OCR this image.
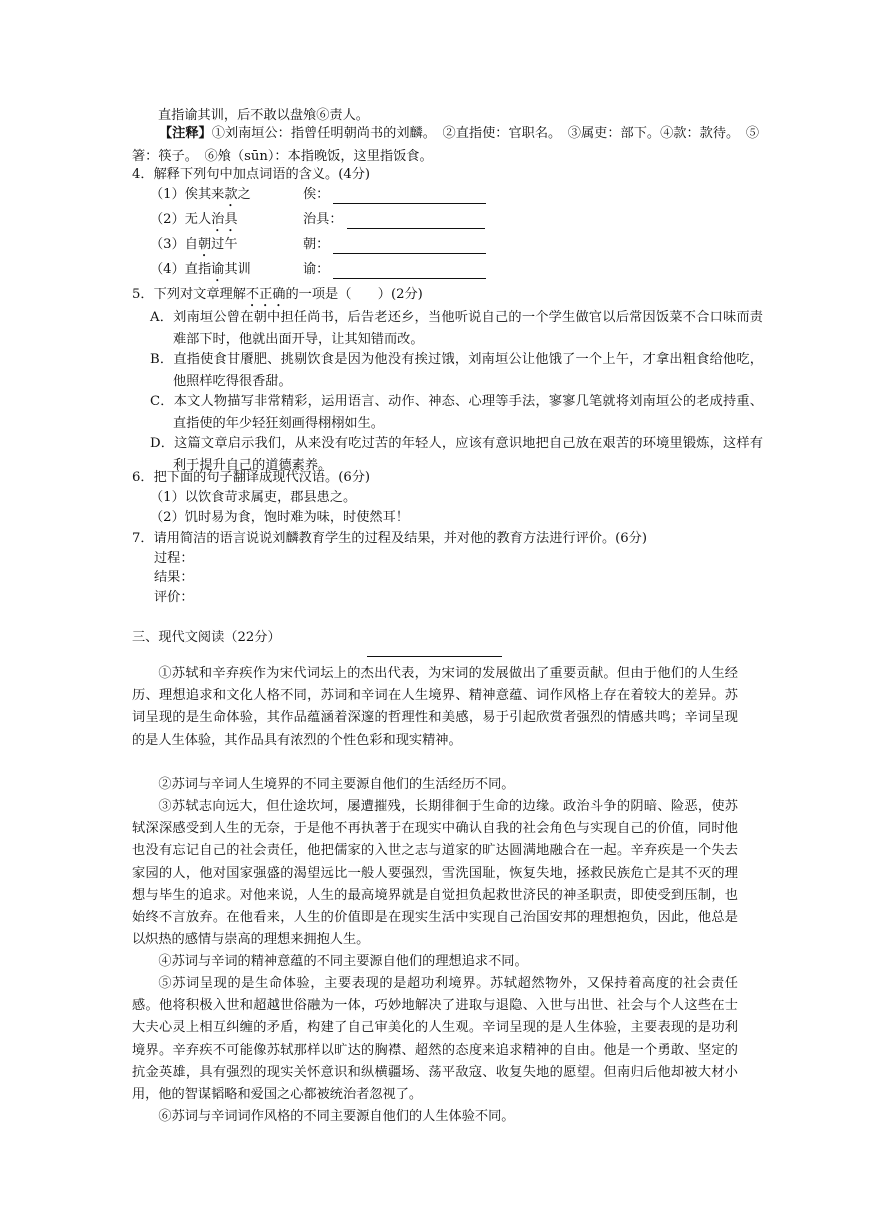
直指谕其训，后不敢以盘飧⑥责人。
【注释】①刘南垣公：指曾任明朝尚书的刘麟。　②直指使：官职名。　③属吏：部下。④款：款待。　⑤箸：筷子。　⑥飧（sūn）：本指晚饭，这里指饭食。
4．解释下列句中加点词语的含义。(4分)
（1）俟其来款之	俟：
（2）无人治具	治具：
（3）自朝过午	朝：
（4）直指谕其训	谕：
5．下列对文章理解不正确的一项是（　　）(2分)
A．刘南垣公曾在朝中担任尚书，后告老还乡，当他听说自己的一个学生做官以后常因饭菜不合口味而责难部下时，他就出面开导，让其知错而改。
B．直指使食甘餍肥、挑剔饮食是因为他没有挨过饿，刘南垣公让他饿了一个上午，才拿出粗食给他吃，他照样吃得很香甜。
C．本文人物描写非常精彩，运用语言、动作、神态、心理等手法，寥寥几笔就将刘南垣公的老成持重、直指使的年少轻狂刻画得栩栩如生。
D．这篇文章启示我们，从来没有吃过苦的年轻人，应该有意识地把自己放在艰苦的环境里锻炼，这样有利于提升自己的道德素养。
6．把下面的句子翻译成现代汉语。(6分)
（1）以饮食苛求属吏，郡县患之。
（2）饥时易为食，饱时难为味，时使然耳！
7．请用简洁的语言说说刘麟教育学生的过程及结果，并对他的教育方法进行评价。(6分)
过程：
结果：
评价：
三、现代文阅读（22分）
①苏轼和辛弃疾作为宋代词坛上的杰出代表，为宋词的发展做出了重要贡献。但由于他们的人生经历、理想追求和文化人格不同，苏词和辛词在人生境界、精神意蕴、词作风格上存在着较大的差异。苏词呈现的是生命体验，其作品蕴涵着深邃的哲理性和美感，易于引起欣赏者强烈的情感共鸣；辛词呈现的是人生体验，其作品具有浓烈的个性色彩和现实精神。
②苏词与辛词人生境界的不同主要源自他们的生活经历不同。
③苏轼志向远大，但仕途坎坷，屡遭摧残，长期徘徊于生命的边缘。政治斗争的阴暗、险恶，使苏轼深深感受到人生的无奈，于是他不再执著于在现实中确认自我的社会角色与实现自己的价值，同时他也没有忘记自己的社会责任，他把儒家的入世之志与道家的旷达圆满地融合在一起。辛弃疾是一个失去家园的人，他对国家强盛的渴望远比一般人要强烈，雪洗国耻，恢复失地，拯救民族危亡是其不灭的理想与毕生的追求。对他来说，人生的最高境界就是自觉担负起救世济民的神圣职责，即使受到压制，也始终不言放弃。在他看来，人生的价值即是在现实生活中实现自己治国安邦的理想抱负，因此，他总是以炽热的感情与崇高的理想来拥抱人生。
④苏词与辛词的精神意蕴的不同主要源自他们的理想追求不同。
⑤苏词呈现的是生命体验，主要表现的是超功利境界。苏轼超然物外，又保持着高度的社会责任感。他将积极入世和超越世俗融为一体，巧妙地解决了进取与退隐、入世与出世、社会与个人这些在士大夫心灵上相互纠缠的矛盾，构建了自己审美化的人生观。辛词呈现的是人生体验，主要表现的是功利境界。辛弃疾不可能像苏轼那样以旷达的胸襟、超然的态度来追求精神的自由。他是一个勇敢、坚定的抗金英雄，具有强烈的现实关怀意识和纵横疆场、荡平敌寇、收复失地的愿望。但南归后他却被大材小用，他的智谋韬略和爱国之心都被统治者忽视了。
⑥苏词与辛词词作风格的不同主要源自他们的人生体验不同。
